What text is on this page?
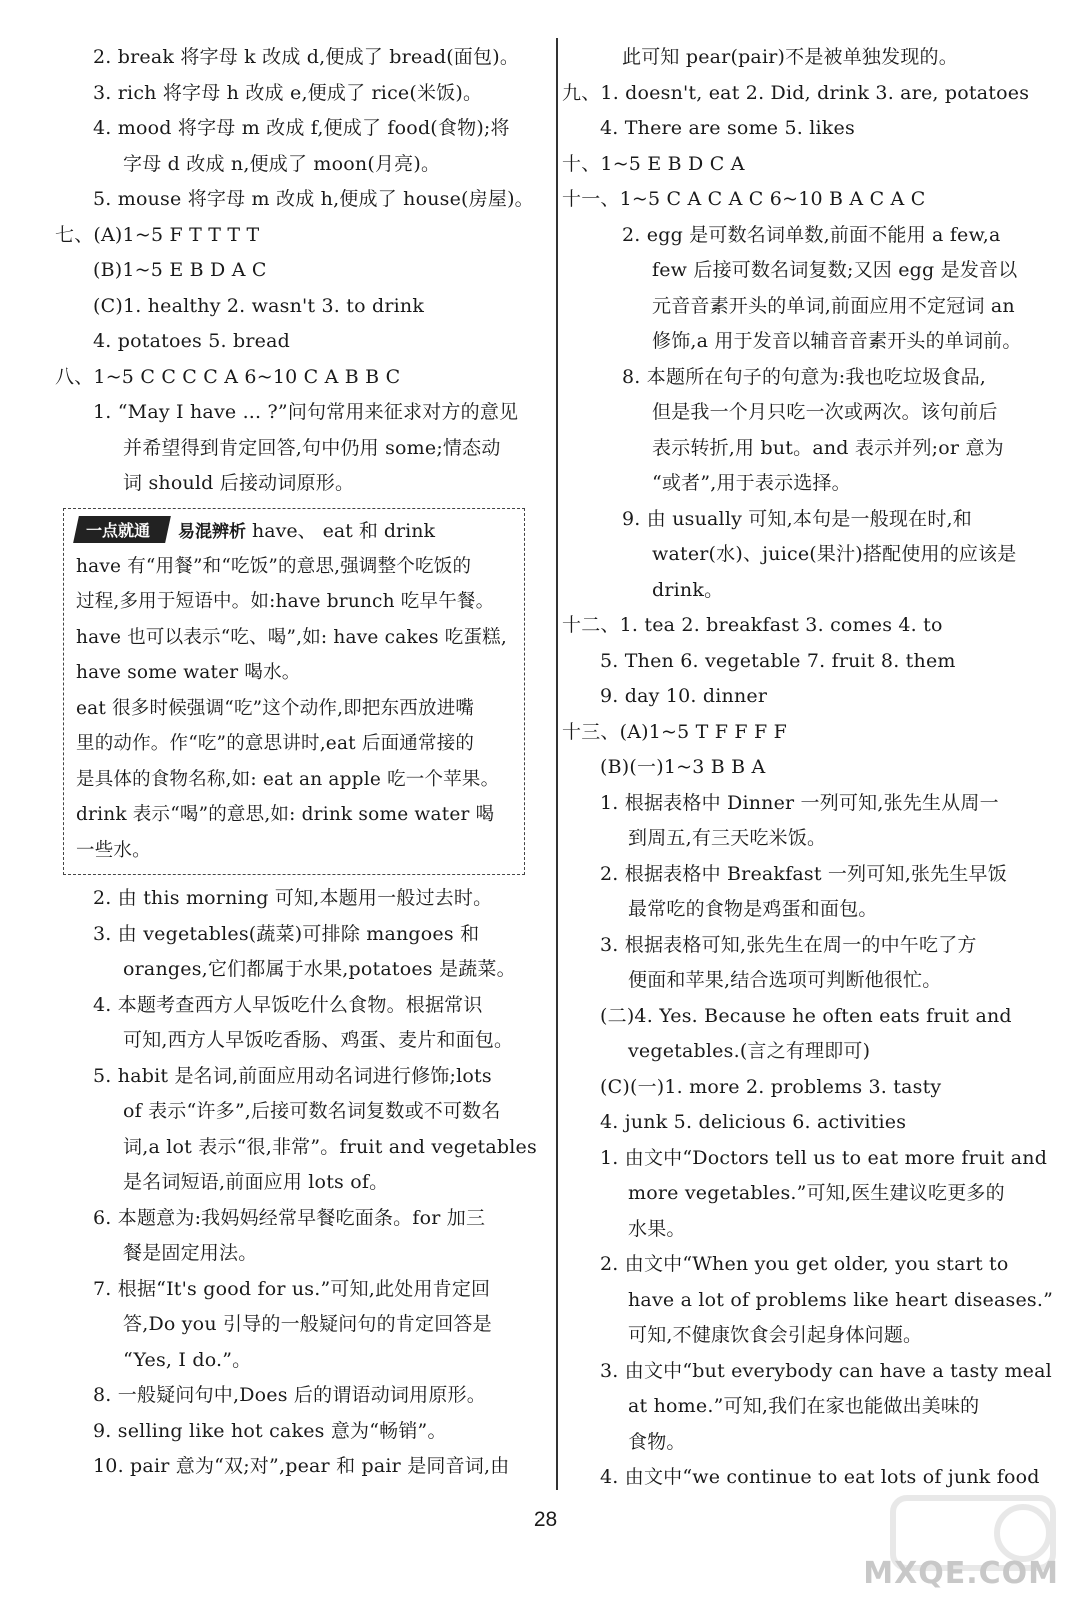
2. break 将字母 k 改成 d,便成了 bread(面包)。
3. rich 将字母 h 改成 e,便成了 rice(米饭)。
4. mood 将字母 m 改成 f,便成了 food(食物);将
字母 d 改成 n,便成了 moon(月亮)。
5. mouse 将字母 m 改成 h,便成了 house(房屋)。
七、(A)1~5 F T T T T
(B)1~5 E B D A C
(C)1. healthy 2. wasn't 3. to drink
4. potatoes 5. bread
八、1~5 C C C C A 6~10 C A B B C
1. “May I have ... ?”问句常用来征求对方的意见
并希望得到肯定回答,句中仍用 some;情态动
词 should 后接动词原形。
一点就通	易混辨析 have、 eat 和 drink
have 有“用餐”和“吃饭”的意思,强调整个吃饭的
过程,多用于短语中。如:have brunch 吃早午餐。
have 也可以表示“吃、喝”,如: have cakes 吃蛋糕,
have some water 喝水。
eat 很多时候强调“吃”这个动作,即把东西放进嘴
里的动作。作“吃”的意思讲时,eat 后面通常接的
是具体的食物名称,如: eat an apple 吃一个苹果。
drink 表示“喝”的意思,如: drink some water 喝
一些水。
2. 由 this morning 可知,本题用一般过去时。
3. 由 vegetables(蔬菜)可排除 mangoes 和
oranges,它们都属于水果,potatoes 是蔬菜。
4. 本题考查西方人早饭吃什么食物。根据常识
可知,西方人早饭吃香肠、鸡蛋、麦片和面包。
5. habit 是名词,前面应用动名词进行修饰;lots
of 表示“许多”,后接可数名词复数或不可数名
词,a lot 表示“很,非常”。fruit and vegetables
是名词短语,前面应用 lots of。
6. 本题意为:我妈妈经常早餐吃面条。for 加三
餐是固定用法。
7. 根据“It's good for us.”可知,此处用肯定回
答,Do you 引导的一般疑问句的肯定回答是
“Yes, I do.”。
8. 一般疑问句中,Does 后的谓语动词用原形。
9. selling like hot cakes 意为“畅销”。
10. pair 意为“双;对”,pear 和 pair 是同音词,由
此可知 pear(pair)不是被单独发现的。
九、1. doesn't, eat 2. Did, drink 3. are, potatoes
4. There are some 5. likes
十、1~5 E B D C A
十一、1~5 C A C A C 6~10 B A C A C
2. egg 是可数名词单数,前面不能用 a few,a
few 后接可数名词复数;又因 egg 是发音以
元音音素开头的单词,前面应用不定冠词 an
修饰,a 用于发音以辅音音素开头的单词前。
8. 本题所在句子的句意为:我也吃垃圾食品,
但是我一个月只吃一次或两次。该句前后
表示转折,用 but。and 表示并列;or 意为
“或者”,用于表示选择。
9. 由 usually 可知,本句是一般现在时,和
water(水)、juice(果汁)搭配使用的应该是
drink。
十二、1. tea 2. breakfast 3. comes 4. to
5. Then 6. vegetable 7. fruit 8. them
9. day 10. dinner
十三、(A)1~5 T F F F F
(B)(一)1~3 B B A
1. 根据表格中 Dinner 一列可知,张先生从周一
到周五,有三天吃米饭。
2. 根据表格中 Breakfast 一列可知,张先生早饭
最常吃的食物是鸡蛋和面包。
3. 根据表格可知,张先生在周一的中午吃了方
便面和苹果,结合选项可判断他很忙。
(二)4. Yes. Because he often eats fruit and
vegetables.(言之有理即可)
(C)(一)1. more 2. problems 3. tasty
4. junk 5. delicious 6. activities
1. 由文中“Doctors tell us to eat more fruit and
more vegetables.”可知,医生建议吃更多的
水果。
2. 由文中“When you get older, you start to
have a lot of problems like heart diseases.”
可知,不健康饮食会引起身体问题。
3. 由文中“but everybody can have a tasty meal
at home.”可知,我们在家也能做出美味的
食物。
4. 由文中“we continue to eat lots of junk food
28
MXQE.COM
